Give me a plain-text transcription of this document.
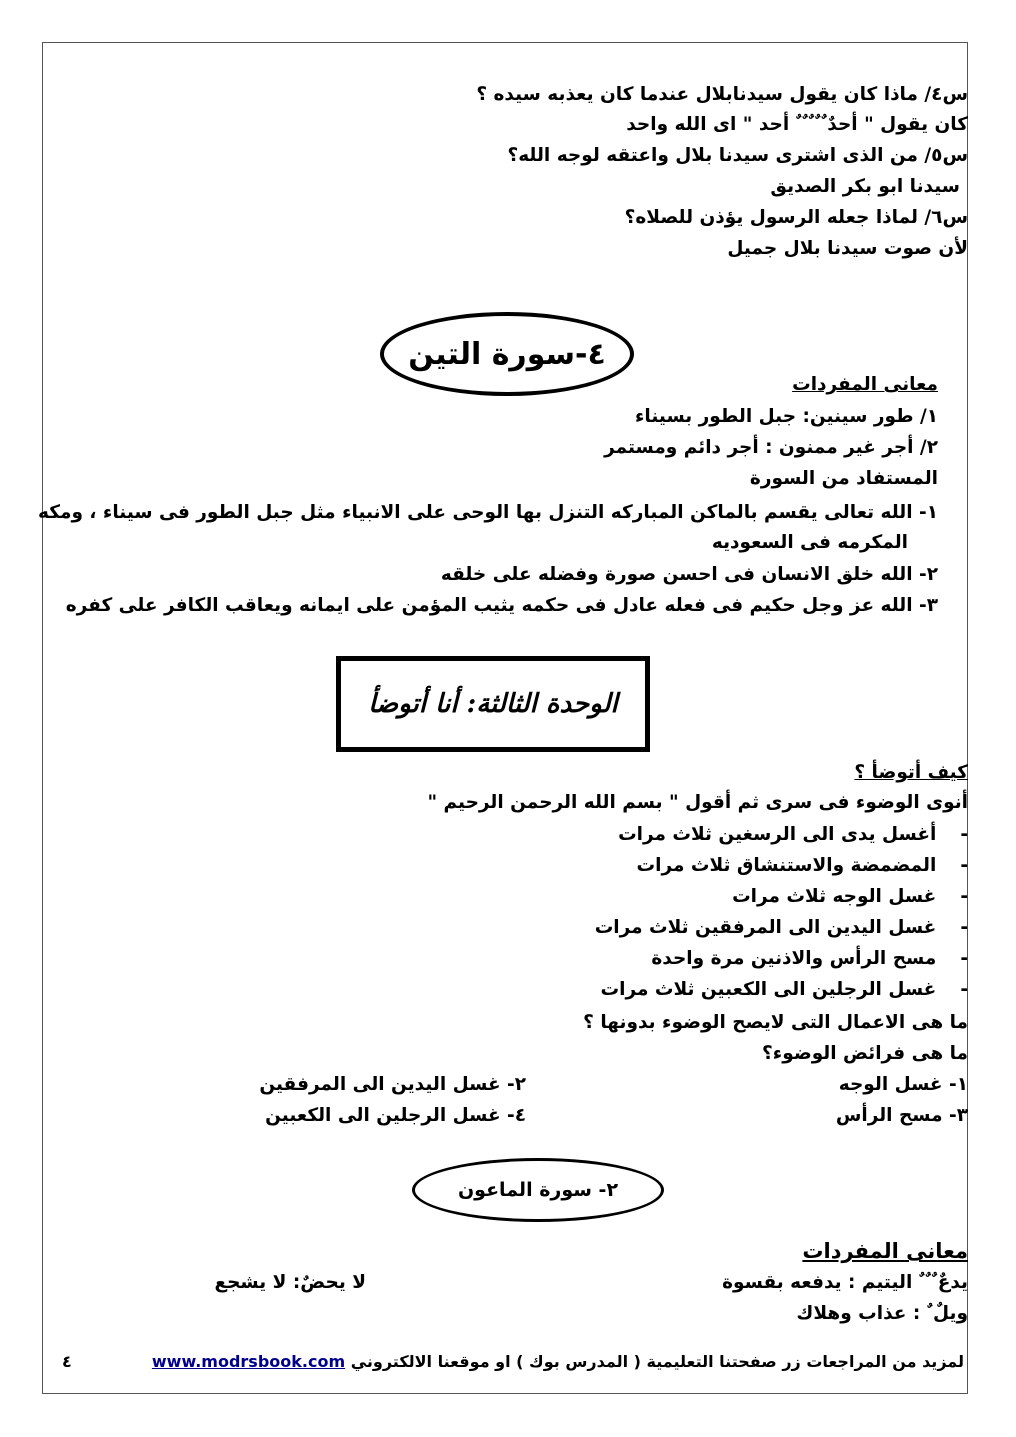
س٤/ ماذا كان يقول سيدنابلال عندما كان يعذبه سيده ؟
كان يقول " أحدٌ ٌ ٌ ٌ ٌ ٌ أحد " اى الله واحد
س٥/ من الذى اشترى سيدنا بلال واعتقه لوجه الله؟
سيدنا ابو بكر الصديق
س٦/ لماذا جعله الرسول يؤذن للصلاه؟
لأن صوت سيدنا بلال جميل
٤-سورة التين
معانى المفردات
١/ طور سينين: جبل الطور بسيناء
٢/ أجر غير ممنون : أجر دائم ومستمر
المستفاد من السورة
١- الله تعالى يقسم بالماكن المباركه التنزل بها الوحى على الانبياء مثل جبل الطور فى سيناء ، ومكه
المكرمه فى السعوديه
٢- الله خلق الانسان فى احسن صورة وفضله على خلقه
٣- الله عز وجل حكيم فى فعله عادل فى حكمه يثيب المؤمن على ايمانه ويعاقب الكافر على كفره
الوحدة الثالثة: أنا أتوضأ
كيف أتوضأ ؟
أنوى الوضوء فى سرى ثم أقول " بسم الله الرحمن الرحيم "
-أغسل يدى الى الرسغين ثلاث مرات
-المضمضة والاستنشاق ثلاث مرات
-غسل الوجه ثلاث مرات
-غسل اليدين الى المرفقين ثلاث مرات
-مسح الرأس والاذنين مرة واحدة
-غسل الرجلين الى الكعبين ثلاث مرات
ما هى الاعمال التى لايصح الوضوء بدونها ؟
ما هى فرائض الوضوء؟
١- غسل الوجه
٢- غسل اليدين الى المرفقين
٣- مسح الرأس
٤- غسل الرجلين الى الكعبين
٢- سورة الماعون
معانى المفردات
يدعٌ ٌ ٌ ٌ اليتيم : يدفعه بقسوة
لا يحضٌ: لا يشجع
ويلٌ ٌ : عذاب وهلاك
لمزيد من المراجعات زر صفحتنا التعليمية ( المدرس بوك ) او موقعنا الالكتروني www.modrsbook.com
٤
